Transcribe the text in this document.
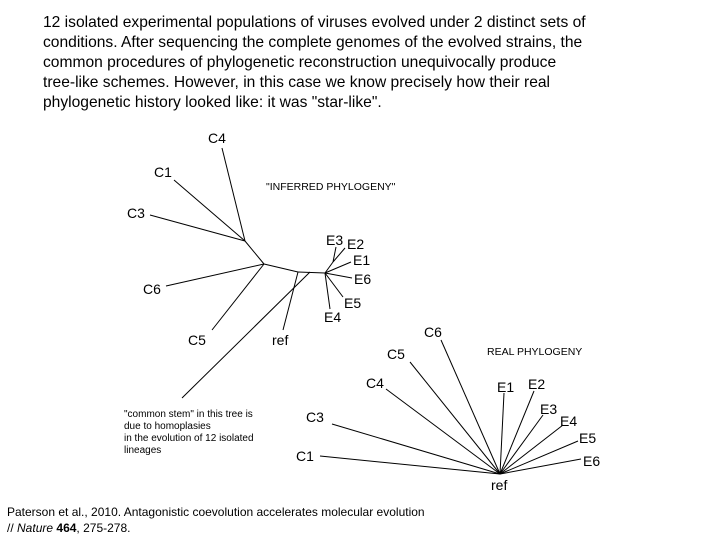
12 isolated experimental populations of viruses evolved under 2 distinct sets of
conditions. After sequencing the complete genomes of the evolved strains, the
common procedures of phylogenetic reconstruction unequivocally produce
tree-like schemes. However, in this case we know precisely how their real
phylogenetic history looked like: it was "star-like".

C4
C1
C3
C6
C5	ref
E3 E2
E1
E6
E5
E4
"INFERRED PHYLOGENY"
"common stem" in this tree is
due to homoplasies
in the evolution of 12 isolated
lineages
C6
C5
C4
C3
C1
E1 E2
E3
E4
E5
E6
ref
REAL PHYLOGENY

Paterson et al., 2010. Antagonistic coevolution accelerates molecular evolution
// Nature 464, 275-278.
